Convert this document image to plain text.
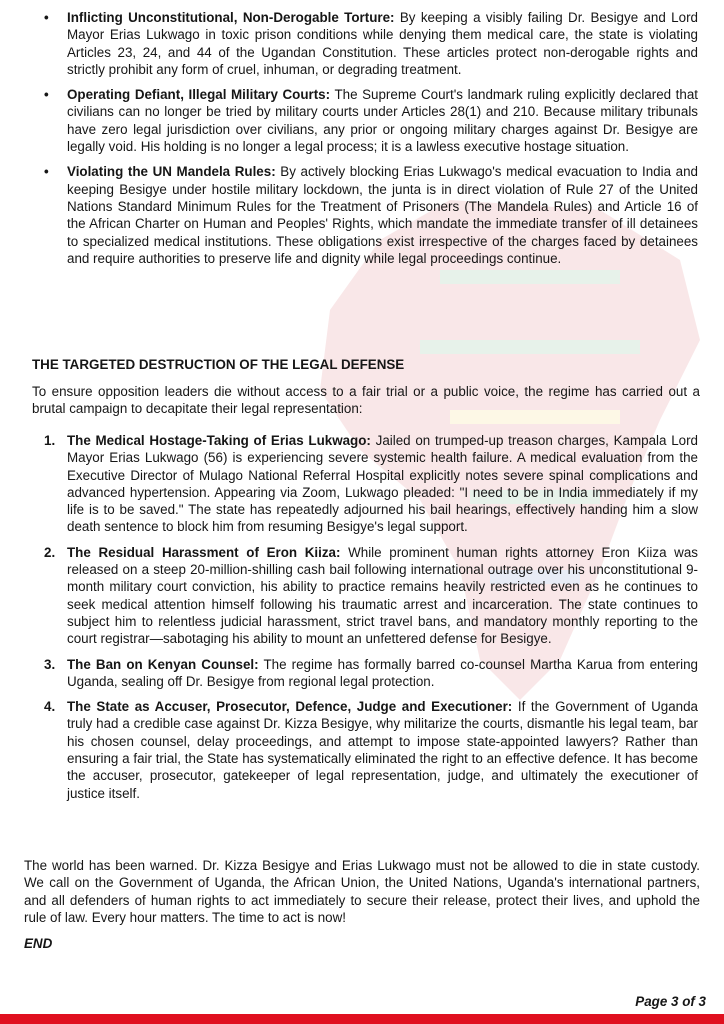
• Inflicting Unconstitutional, Non-Derogable Torture: By keeping a visibly failing Dr. Besigye and Lord Mayor Erias Lukwago in toxic prison conditions while denying them medical care, the state is violating Articles 23, 24, and 44 of the Ugandan Constitution. These articles protect non-derogable rights and strictly prohibit any form of cruel, inhuman, or degrading treatment.
• Operating Defiant, Illegal Military Courts: The Supreme Court's landmark ruling explicitly declared that civilians can no longer be tried by military courts under Articles 28(1) and 210. Because military tribunals have zero legal jurisdiction over civilians, any prior or ongoing military charges against Dr. Besigye are legally void. His holding is no longer a legal process; it is a lawless executive hostage situation.
• Violating the UN Mandela Rules: By actively blocking Erias Lukwago's medical evacuation to India and keeping Besigye under hostile military lockdown, the junta is in direct violation of Rule 27 of the United Nations Standard Minimum Rules for the Treatment of Prisoners (The Mandela Rules) and Article 16 of the African Charter on Human and Peoples' Rights, which mandate the immediate transfer of ill detainees to specialized medical institutions. These obligations exist irrespective of the charges faced by detainees and require authorities to preserve life and dignity while legal proceedings continue.

THE TARGETED DESTRUCTION OF THE LEGAL DEFENSE

To ensure opposition leaders die without access to a fair trial or a public voice, the regime has carried out a brutal campaign to decapitate their legal representation:

1. The Medical Hostage-Taking of Erias Lukwago: Jailed on trumped-up treason charges, Kampala Lord Mayor Erias Lukwago (56) is experiencing severe systemic health failure. A medical evaluation from the Executive Director of Mulago National Referral Hospital explicitly notes severe spinal complications and advanced hypertension. Appearing via Zoom, Lukwago pleaded: "I need to be in India immediately if my life is to be saved." The state has repeatedly adjourned his bail hearings, effectively handing him a slow death sentence to block him from resuming Besigye's legal support.
2. The Residual Harassment of Eron Kiiza: While prominent human rights attorney Eron Kiiza was released on a steep 20-million-shilling cash bail following international outrage over his unconstitutional 9-month military court conviction, his ability to practice remains heavily restricted even as he continues to seek medical attention himself following his traumatic arrest and incarceration. The state continues to subject him to relentless judicial harassment, strict travel bans, and mandatory monthly reporting to the court registrar—sabotaging his ability to mount an unfettered defense for Besigye.
3. The Ban on Kenyan Counsel: The regime has formally barred co-counsel Martha Karua from entering Uganda, sealing off Dr. Besigye from regional legal protection.
4. The State as Accuser, Prosecutor, Defence, Judge and Executioner: If the Government of Uganda truly had a credible case against Dr. Kizza Besigye, why militarize the courts, dismantle his legal team, bar his chosen counsel, delay proceedings, and attempt to impose state-appointed lawyers? Rather than ensuring a fair trial, the State has systematically eliminated the right to an effective defence. It has become the accuser, prosecutor, gatekeeper of legal representation, judge, and ultimately the executioner of justice itself.

The world has been warned. Dr. Kizza Besigye and Erias Lukwago must not be allowed to die in state custody. We call on the Government of Uganda, the African Union, the United Nations, Uganda's international partners, and all defenders of human rights to act immediately to secure their release, protect their lives, and uphold the rule of law. Every hour matters. The time to act is now!

END

Page 3 of 3
